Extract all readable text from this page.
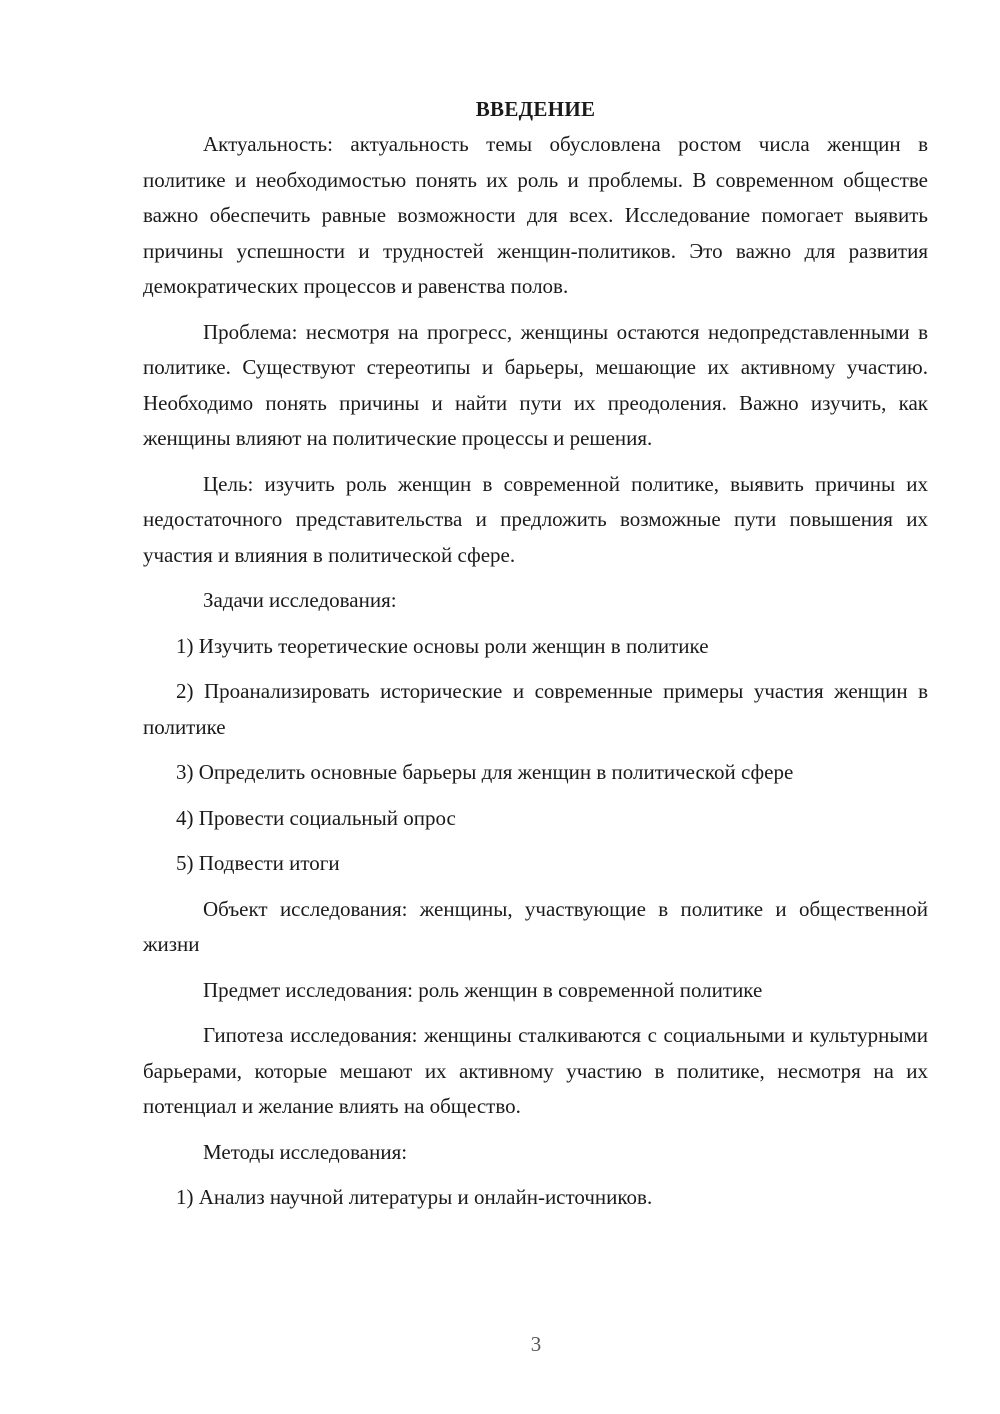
ВВЕДЕНИЕ

Актуальность: актуальность темы обусловлена ростом числа женщин в политике и необходимостью понять их роль и проблемы. В современном обществе важно обеспечить равные возможности для всех. Исследование помогает выявить причины успешности и трудностей женщин-политиков. Это важно для развития демократических процессов и равенства полов.

Проблема: несмотря на прогресс, женщины остаются недопредставленными в политике. Существуют стереотипы и барьеры, мешающие их активному участию. Необходимо понять причины и найти пути их преодоления. Важно изучить, как женщины влияют на политические процессы и решения.

Цель: изучить роль женщин в современной политике, выявить причины их недостаточного представительства и предложить возможные пути повышения их участия и влияния в политической сфере.

Задачи исследования:

1) Изучить теоретические основы роли женщин в политике

2) Проанализировать исторические и современные примеры участия женщин в политике

3) Определить основные барьеры для женщин в политической сфере

4) Провести социальный опрос

5) Подвести итоги

Объект исследования: женщины, участвующие в политике и общественной жизни

Предмет исследования: роль женщин в современной политике

Гипотеза исследования: женщины сталкиваются с социальными и культурными барьерами, которые мешают их активному участию в политике, несмотря на их потенциал и желание влиять на общество.

Методы исследования:

1) Анализ научной литературы и онлайн-источников.

3
